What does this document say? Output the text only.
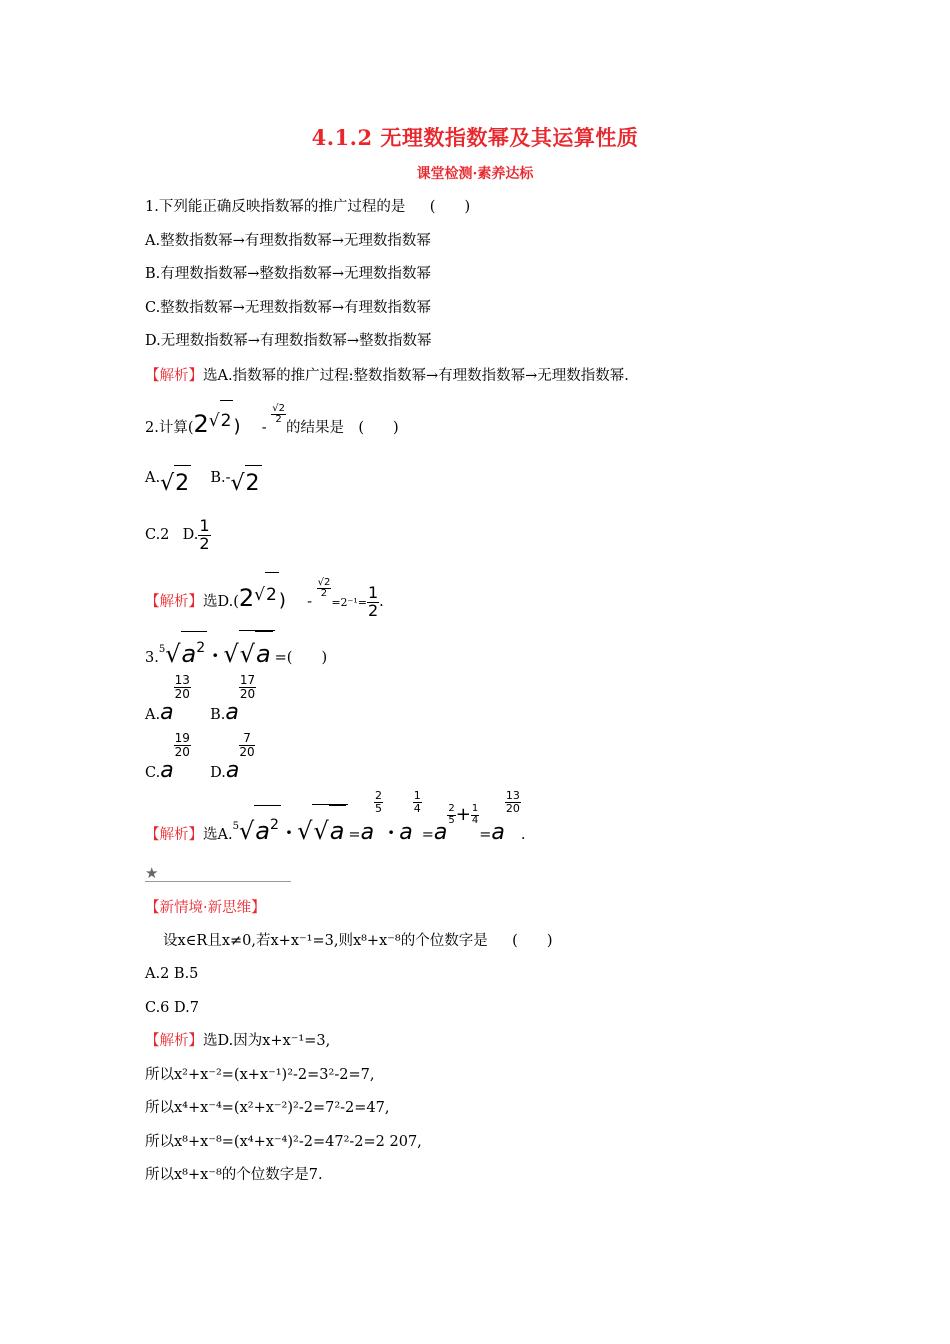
4.1.2 无理数指数幂及其运算性质
课堂检测·素养达标
1.下列能正确反映指数幂的推广过程的是 (　　)
A.整数指数幂→有理数指数幂→无理数指数幂
B.有理数指数幂→整数指数幂→无理数指数幂
C.整数指数幂→无理数指数幂→有理数指数幂
D.无理数指数幂→有理数指数幂→整数指数幂
【解析】选A.指数幂的推广过程:整数指数幂→有理数指数幂→无理数指数幂.
2.计算(2√2 ) -
$\frac{√2}{2}$
的结果是 (　　)
A.√2 B.-√2
C.2 D. $\frac{1}{2}$
【解析】选D.(2√2 ) -
$\frac{√2}{2}$
$=2^{-1}= \frac{1}{2}$ .
$3.^5√a^2 \cdot √√a$ =(　　)
A.a
$\frac{13}{20}$
B.a
$\frac{17}{20}$
C.a
$\frac{19}{20}$
D.a
$\frac{7}{20}$
【解析】选$A.^5√a^2 \cdot √√a =a$
$\frac{2}{5}$
· a
$\frac{1}{4}$
=a
$\frac{2}{5} + \frac{1}{4}$
=a
$\frac{13}{20}$
.
★
【新情境·新思维】
设x∈R且x≠0,若x+x⁻¹=3,则x⁸+x⁻⁸的个位数字是 (　　)
A.2 B.5
C.6 D.7
【解析】选D.因为x+x⁻¹=3,
所以x²+x⁻²=(x+x⁻¹)²-2=3²-2=7,
所以x⁴+x⁻⁴=(x²+x⁻²)²-2=7²-2=47,
所以x⁸+x⁻⁸=(x⁴+x⁻⁴)²-2=47²-2=2 207,
所以x⁸+x⁻⁸的个位数字是7.
